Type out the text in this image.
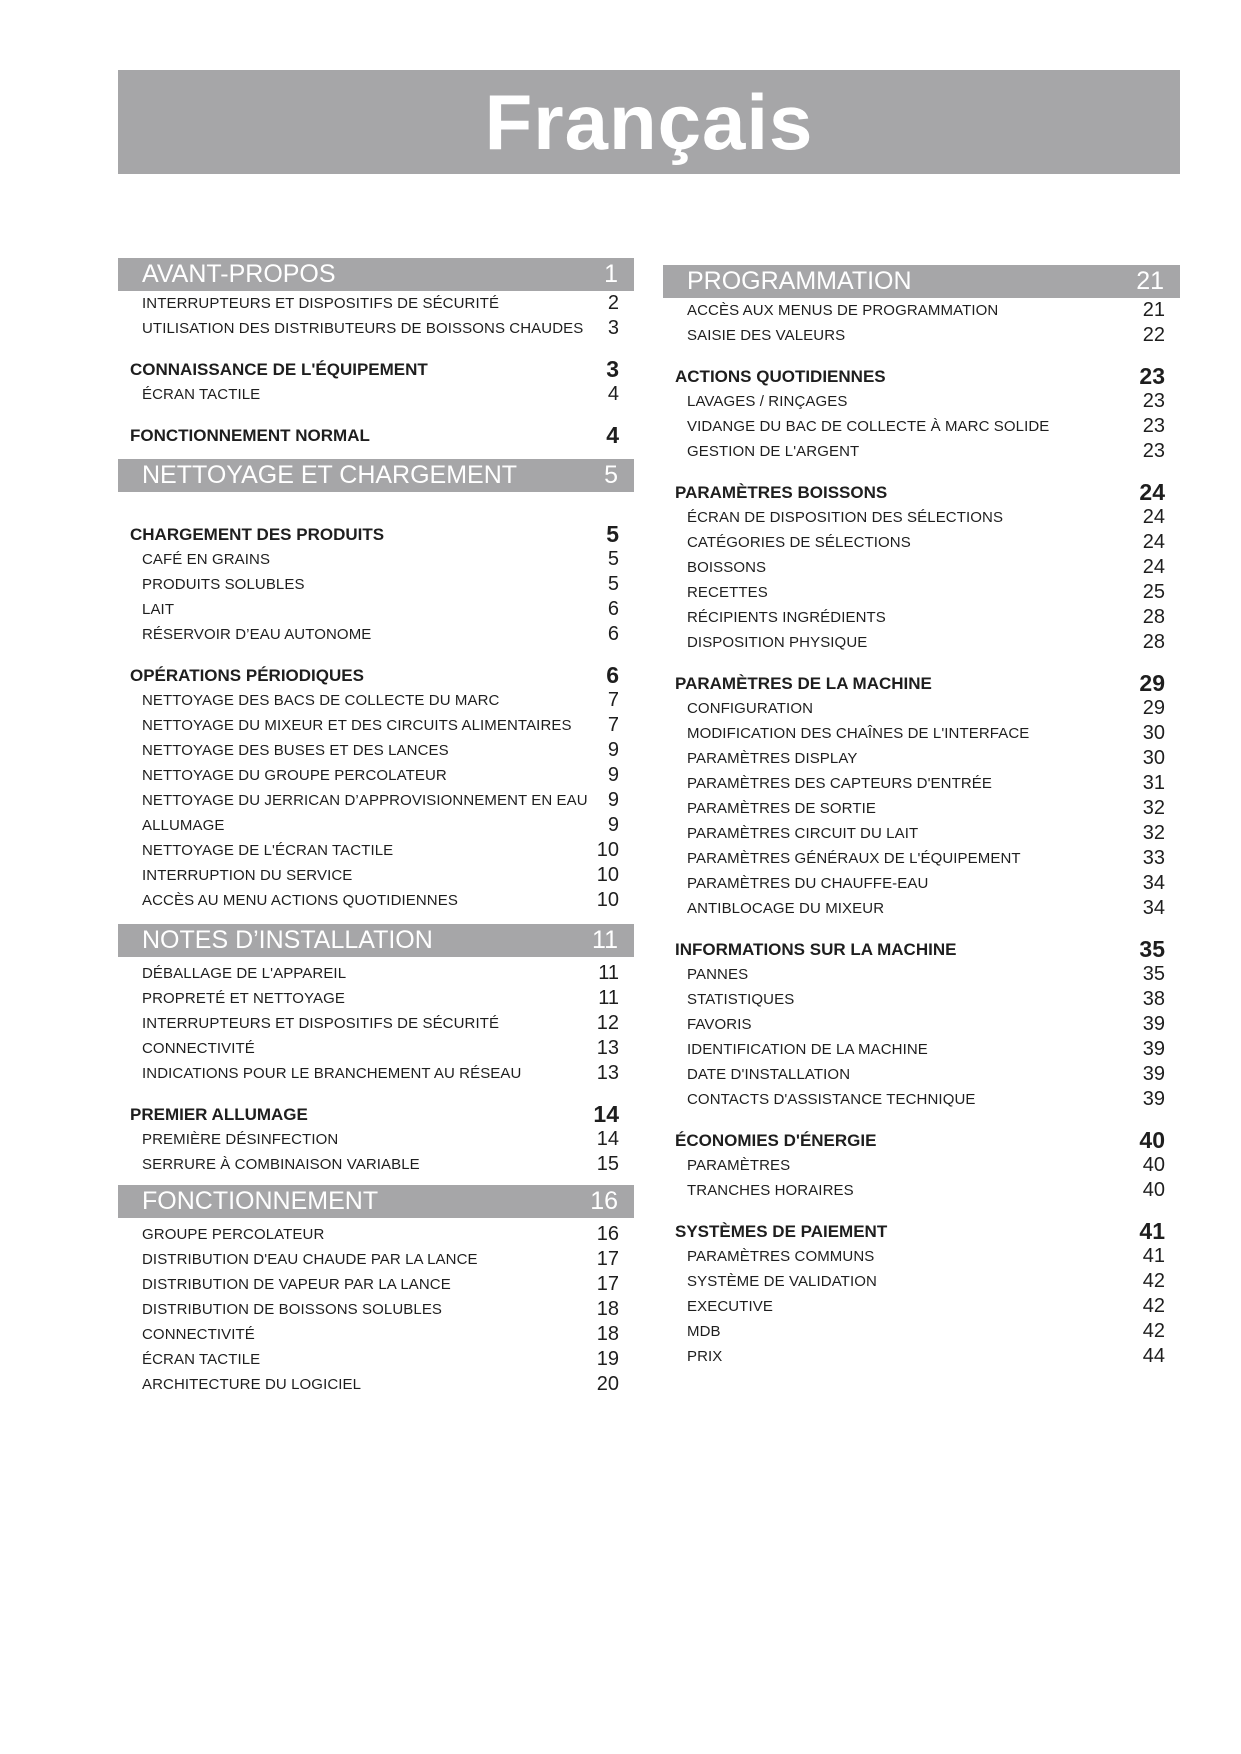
Français
AVANT-PROPOS	1
INTERRUPTEURS ET DISPOSITIFS DE SÉCURITÉ	2
UTILISATION DES DISTRIBUTEURS DE BOISSONS CHAUDES 3
CONNAISSANCE DE L'ÉQUIPEMENT	3
ÉCRAN TACTILE	4
FONCTIONNEMENT NORMAL	4
NETTOYAGE ET CHARGEMENT	5
CHARGEMENT DES PRODUITS	5
CAFÉ EN GRAINS	5
PRODUITS SOLUBLES	5
LAIT	6
RÉSERVOIR D’EAU AUTONOME	6
OPÉRATIONS PÉRIODIQUES	6
NETTOYAGE DES BACS DE COLLECTE DU MARC	7
NETTOYAGE DU MIXEUR ET DES CIRCUITS ALIMENTAIRES 7
NETTOYAGE DES BUSES ET DES LANCES	9
NETTOYAGE DU GROUPE PERCOLATEUR	9
NETTOYAGE DU JERRICAN D’APPROVISIONNEMENT EN EAU 9
ALLUMAGE	9
NETTOYAGE DE L'ÉCRAN TACTILE	10
INTERRUPTION DU SERVICE	10
ACCÈS AU MENU ACTIONS QUOTIDIENNES	10
NOTES D’INSTALLATION	11
DÉBALLAGE DE L'APPAREIL	11
PROPRETÉ ET NETTOYAGE	11
INTERRUPTEURS ET DISPOSITIFS DE SÉCURITÉ	12
CONNECTIVITÉ	13
INDICATIONS POUR LE BRANCHEMENT AU RÉSEAU	13
PREMIER ALLUMAGE	14
PREMIÈRE DÉSINFECTION	14
SERRURE À COMBINAISON VARIABLE	15
FONCTIONNEMENT	16
GROUPE PERCOLATEUR	16
DISTRIBUTION D'EAU CHAUDE PAR LA LANCE	17
DISTRIBUTION DE VAPEUR PAR LA LANCE	17
DISTRIBUTION DE BOISSONS SOLUBLES	18
CONNECTIVITÉ	18
ÉCRAN TACTILE	19
ARCHITECTURE DU LOGICIEL	20
PROGRAMMATION	21
ACCÈS AUX MENUS DE PROGRAMMATION	21
SAISIE DES VALEURS	22
ACTIONS QUOTIDIENNES	23
LAVAGES / RINÇAGES	23
VIDANGE DU BAC DE COLLECTE À MARC SOLIDE	23
GESTION DE L'ARGENT	23
PARAMÈTRES BOISSONS	24
ÉCRAN DE DISPOSITION DES SÉLECTIONS	24
CATÉGORIES DE SÉLECTIONS	24
BOISSONS	24
RECETTES	25
RÉCIPIENTS INGRÉDIENTS	28
DISPOSITION PHYSIQUE	28
PARAMÈTRES DE LA MACHINE	29
CONFIGURATION	29
MODIFICATION DES CHAÎNES DE L'INTERFACE	30
PARAMÈTRES DISPLAY	30
PARAMÈTRES DES CAPTEURS D'ENTRÉE	31
PARAMÈTRES DE SORTIE	32
PARAMÈTRES CIRCUIT DU LAIT	32
PARAMÈTRES GÉNÉRAUX DE L'ÉQUIPEMENT	33
PARAMÈTRES DU CHAUFFE-EAU	34
ANTIBLOCAGE DU MIXEUR	34
INFORMATIONS SUR LA MACHINE	35
PANNES	35
STATISTIQUES	38
FAVORIS	39
IDENTIFICATION DE LA MACHINE	39
DATE D'INSTALLATION	39
CONTACTS D'ASSISTANCE TECHNIQUE	39
ÉCONOMIES D'ÉNERGIE	40
PARAMÈTRES	40
TRANCHES HORAIRES	40
SYSTÈMES DE PAIEMENT	41
PARAMÈTRES COMMUNS	41
SYSTÈME DE VALIDATION	42
EXECUTIVE	42
MDB	42
PRIX	44
